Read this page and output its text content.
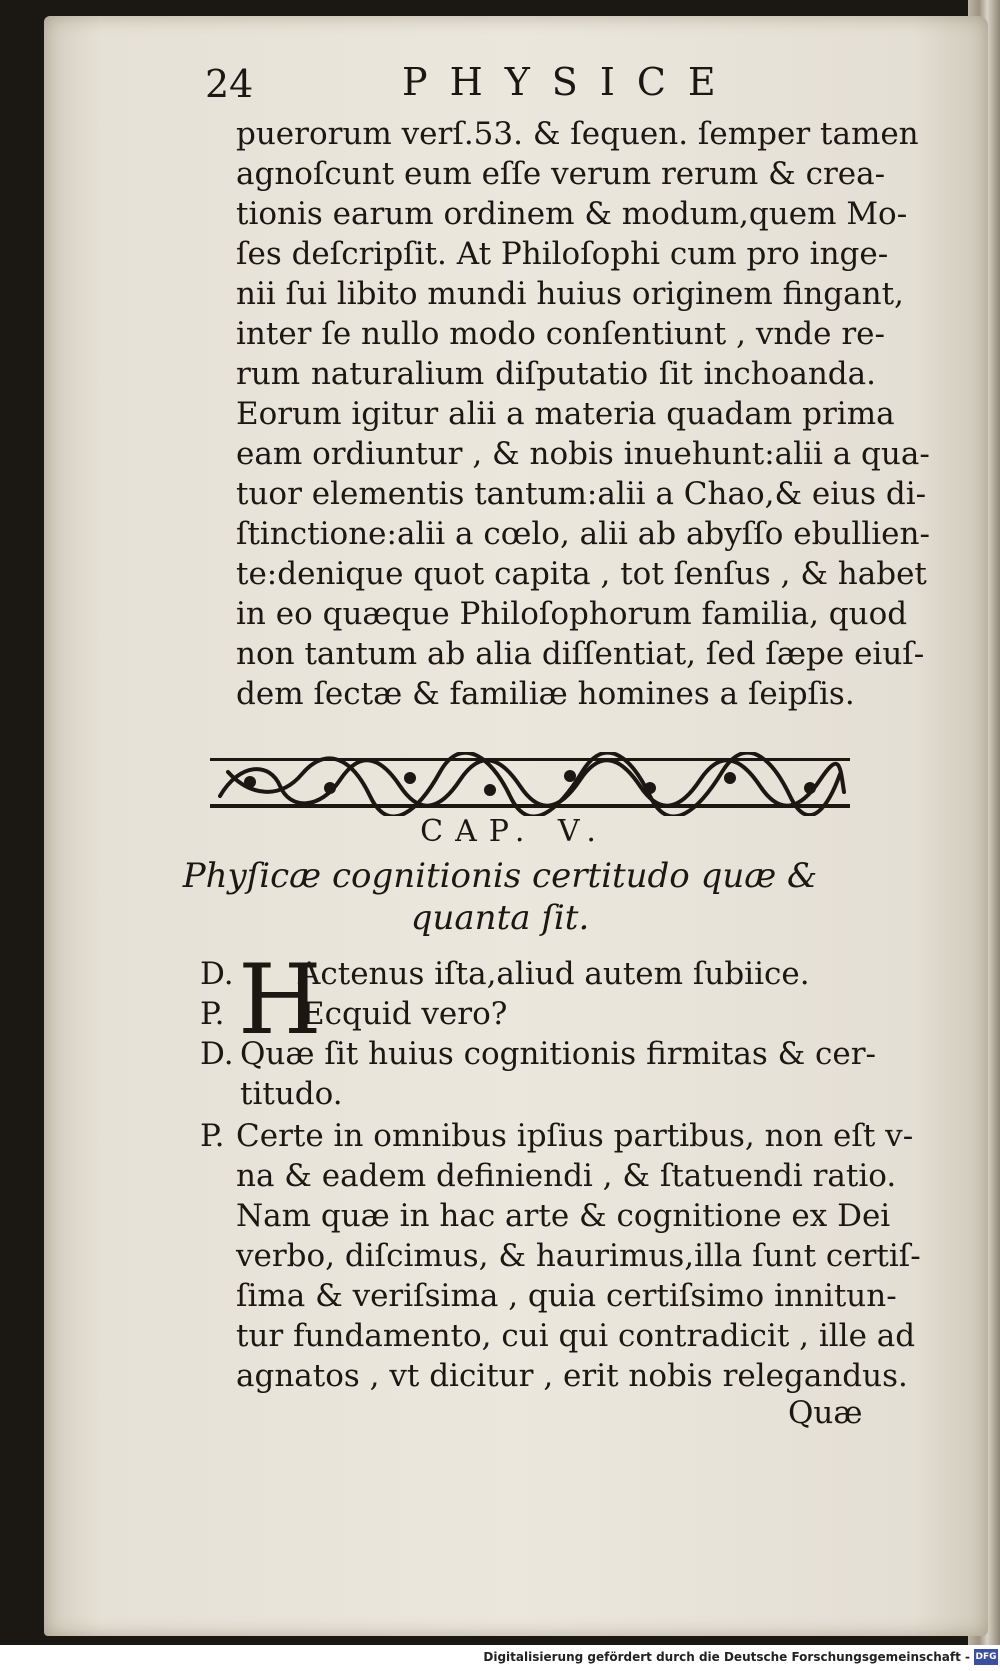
24	PHYSICE
puerorum verſ.53. & ſequen. ſemper tamen
agnoſcunt eum eſſe verum rerum & crea-
tionis earum ordinem & modum,quem Mo-
ſes deſcripſit. At Philoſophi cum pro inge-
nii ſui libito mundi huius originem fingant,
inter ſe nullo modo conſentiunt , vnde re-
rum naturalium diſputatio ſit inchoanda.
Eorum igitur alii a materia quadam prima
eam ordiuntur , & nobis inuehunt:alii a qua-
tuor elementis tantum:alii a Chao,& eius di-
ſtinctione:alii a cœlo, alii ab abyſſo ebullien-
te:denique quot capita , tot ſenſus , & habet
in eo quæque Philoſophorum familia, quod
non tantum ab alia diſſentiat, ſed ſæpe eiuſ-
dem ſectæ & familiæ homines a ſeipſis.
CAP. V.
Phyſicæ cognitionis certitudo quæ &
quanta ſit.
D.
P.
D.
P.
H
Actenus iſta,aliud autem ſubiice.
Ecquid vero?
Quæ ſit huius cognitionis firmitas & cer-
titudo.
Certe in omnibus ipſius partibus, non eſt v-
na & eadem definiendi , & ſtatuendi ratio.
Nam quæ in hac arte & cognitione ex Dei
verbo, diſcimus, & haurimus,illa ſunt certiſ-
ſima & veriſsima , quia certiſsimo innitun-
tur fundamento, cui qui contradicit , ille ad
agnatos , vt dicitur , erit nobis relegandus.
Quæ
Digitalisierung gefördert durch die Deutsche Forschungsgemeinschaft - DFG
